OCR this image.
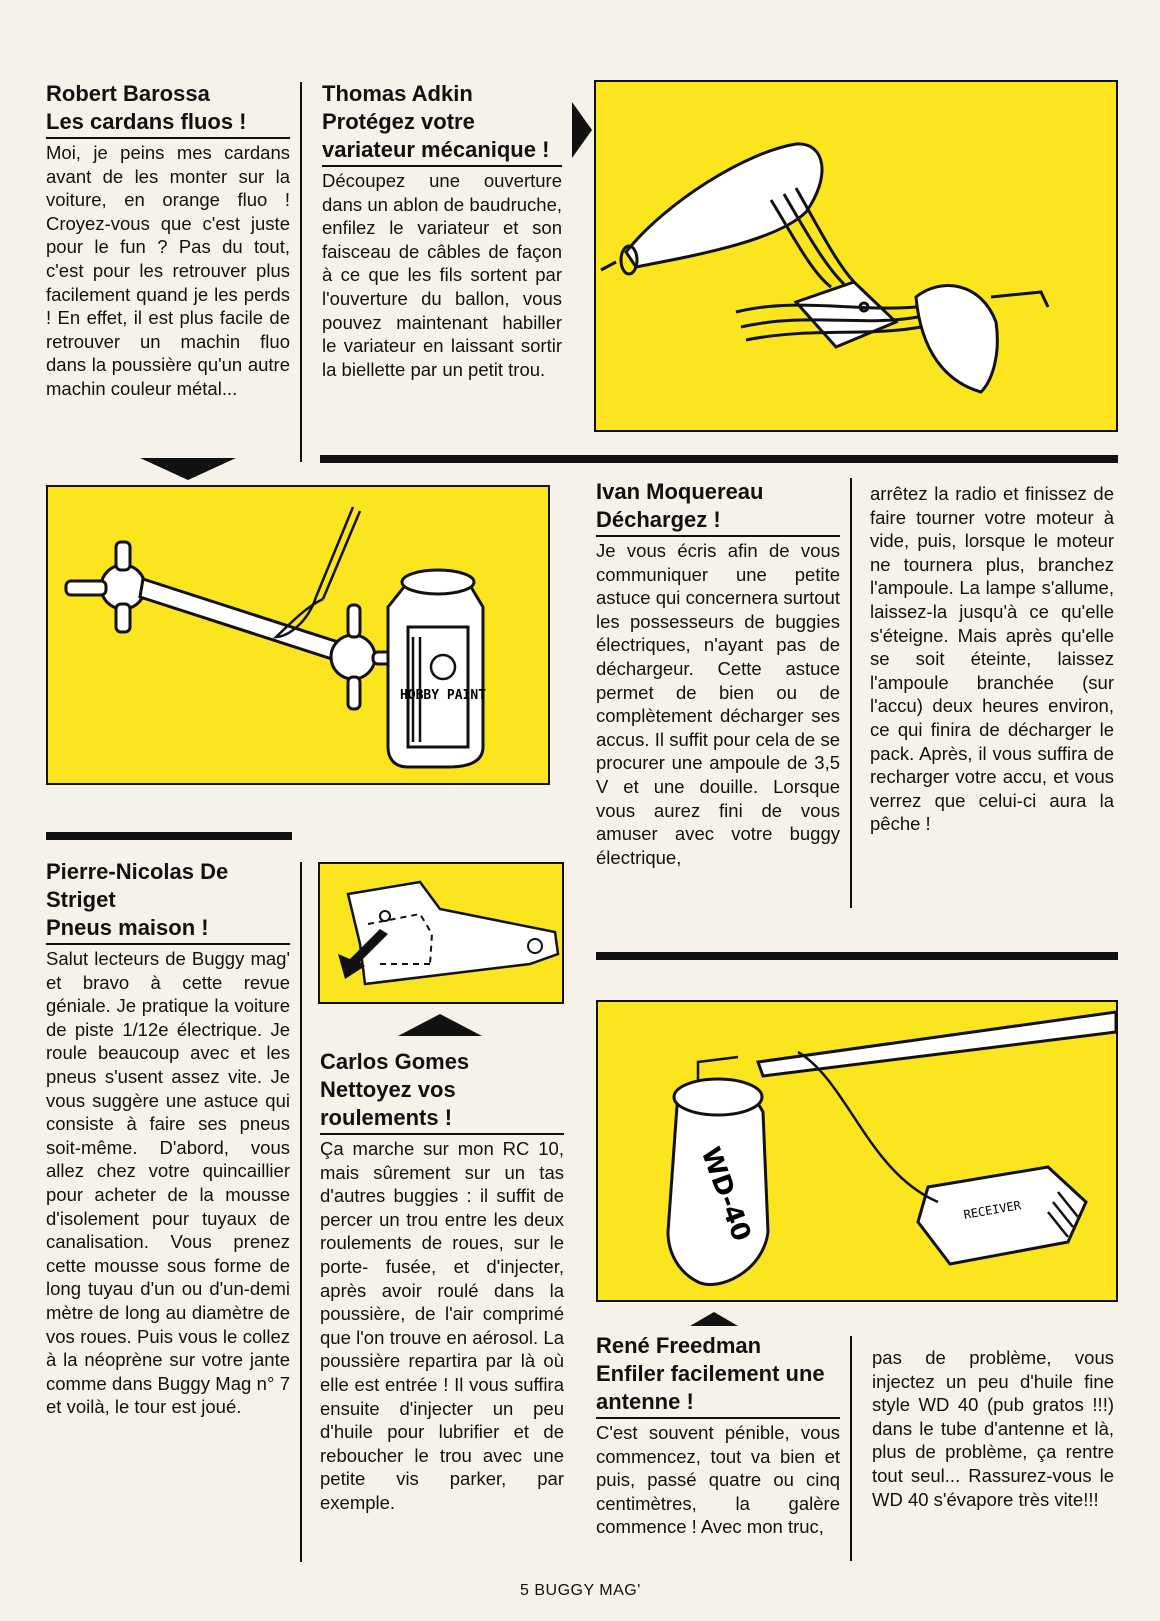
Robert Barossa

Les cardans fluos !

Moi, je peins mes cardans avant de les monter sur la voiture, en orange fluo ! Croyez-vous que c'est juste pour le fun ? Pas du tout, c'est pour les retrouver plus facilement quand je les perds ! En effet, il est plus facile de retrouver un machin fluo dans la poussière qu'un autre machin couleur métal...

Thomas Adkin

Protégez votre variateur mécanique !

Découpez une ouverture dans un ablon de baudruche, enfilez le variateur et son faisceau de câbles de façon à ce que les fils sortent par l'ouverture du ballon, vous pouvez maintenant habiller le variateur en laissant sortir la biellette par un petit trou.

HOBBY PAINT

Ivan Moquereau

Déchargez !

Je vous écris afin de vous communiquer une petite astuce qui concernera surtout les possesseurs de buggies électriques, n'ayant pas de déchargeur. Cette astuce permet de bien ou de complètement décharger ses accus. Il suffit pour cela de se procurer une ampoule de 3,5 V et une douille. Lorsque vous aurez fini de vous amuser avec votre buggy électrique,

arrêtez la radio et finissez de faire tourner votre moteur à vide, puis, lorsque le moteur ne tournera plus, branchez l'ampoule. La lampe s'allume, laissez-la jusqu'à ce qu'elle s'éteigne. Mais après qu'elle se soit éteinte, laissez l'ampoule branchée (sur l'accu) deux heures environ, ce qui finira de décharger le pack. Après, il vous suffira de recharger votre accu, et vous verrez que celui-ci aura la pêche !

Pierre-Nicolas De Striget

Pneus maison !

Salut lecteurs de Buggy mag' et bravo à cette revue géniale. Je pratique la voiture de piste 1/12e électrique. Je roule beaucoup avec et les pneus s'usent assez vite. Je vous suggère une astuce qui consiste à faire ses pneus soit-même. D'abord, vous allez chez votre quincaillier pour acheter de la mousse d'isolement pour tuyaux de canalisation. Vous prenez cette mousse sous forme de long tuyau d'un ou d'un-demi mètre de long au diamètre de vos roues. Puis vous le collez à la néoprène sur votre jante comme dans Buggy Mag n° 7 et voilà, le tour est joué.

Carlos Gomes

Nettoyez vos roulements !

Ça marche sur mon RC 10, mais sûrement sur un tas d'autres buggies : il suffit de percer un trou entre les deux roulements de roues, sur le porte- fusée, et d'injecter, après avoir roulé dans la poussière, de l'air comprimé que l'on trouve en aérosol. La poussière repartira par là où elle est entrée ! Il vous suffira ensuite d'injecter un peu d'huile pour lubrifier et de reboucher le trou avec une petite vis parker, par exemple.

WD-40	RECEIVER

René Freedman

Enfiler facilement une antenne !

C'est souvent pénible, vous commencez, tout va bien et puis, passé quatre ou cinq centimètres, la galère commence ! Avec mon truc,

pas de problème, vous injectez un peu d'huile fine style WD 40 (pub gratos !!!) dans le tube d'antenne et là, plus de problème, ça rentre tout seul... Rassurez-vous le WD 40 s'évapore très vite!!!

5 BUGGY MAG'
